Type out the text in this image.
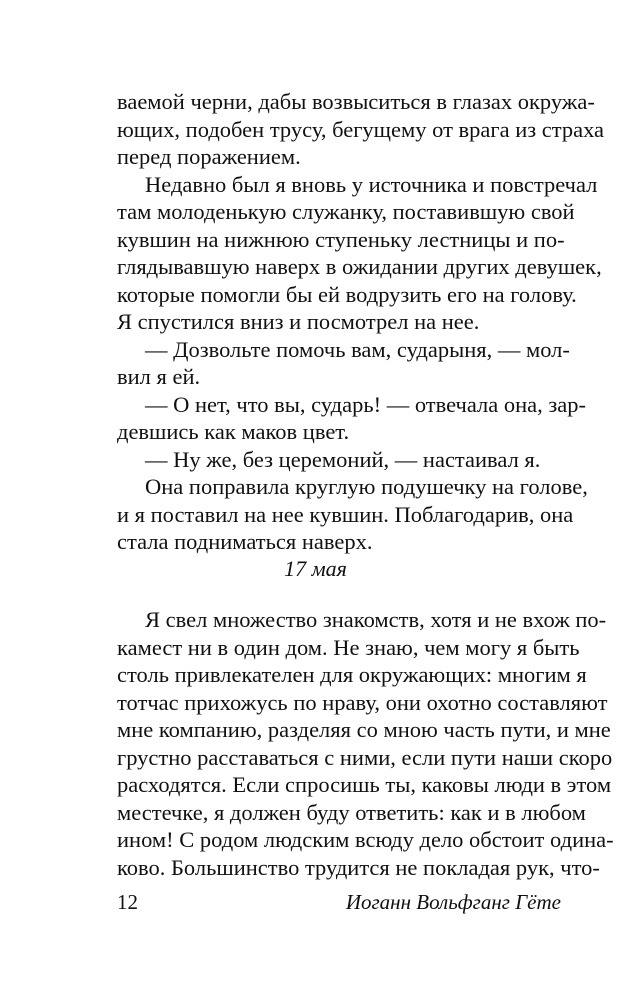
ваемой черни, дабы возвыситься в глазах окружа-
ющих, подобен трусу, бегущему от врага из страха
перед поражением.
Недавно был я вновь у источника и повстречал
там молоденькую служанку, поставившую свой
кувшин на нижнюю ступеньку лестницы и по-
глядывавшую наверх в ожидании других девушек,
которые помогли бы ей водрузить его на голову.
Я спустился вниз и посмотрел на нее.
— Дозвольте помочь вам, сударыня, — мол-
вил я ей.
— О нет, что вы, сударь! — отвечала она, зар-
девшись как маков цвет.
— Ну же, без церемоний, — настаивал я.
Она поправила круглую подушечку на голове,
и я поставил на нее кувшин. Поблагодарив, она
стала подниматься наверх.
17 мая
Я свел множество знакомств, хотя и не вхож по-
камест ни в один дом. Не знаю, чем могу я быть
столь привлекателен для окружающих: многим я
тотчас прихожусь по нраву, они охотно составляют
мне компанию, разделяя со мною часть пути, и мне
грустно расставаться с ними, если пути наши скоро
расходятся. Если спросишь ты, каковы люди в этом
местечке, я должен буду ответить: как и в любом
ином! С родом людским всюду дело обстоит одина-
ково. Большинство трудится не покладая рук, что-
12	Иоганн Вольфганг Гёте
